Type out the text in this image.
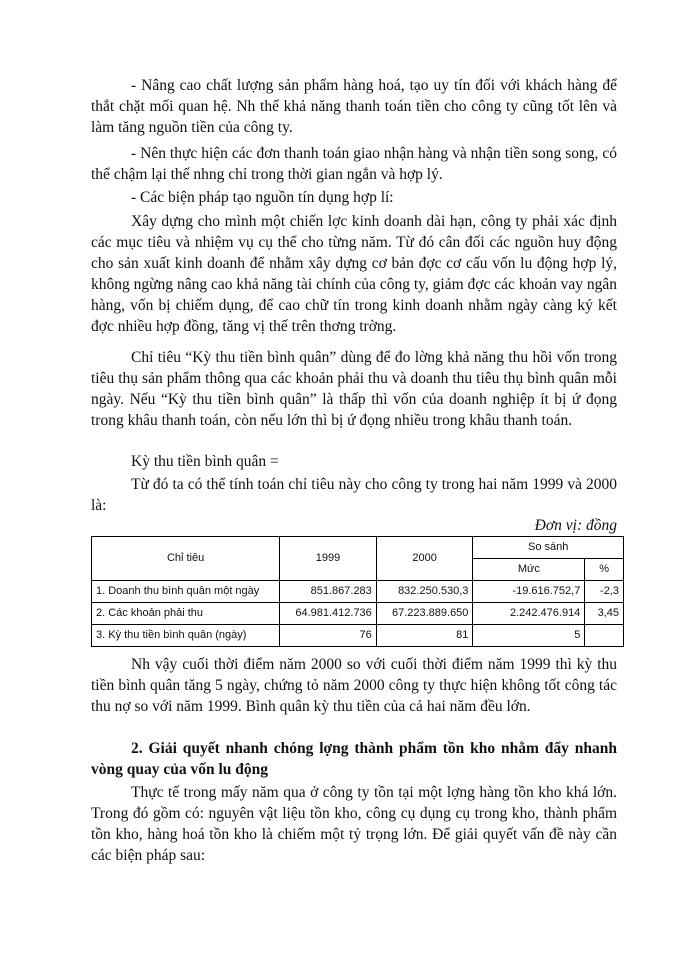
- Nâng cao chất lượng sản phẩm hàng hoá, tạo uy tín đối với khách hàng để thắt chặt mối quan hệ. Nh thế khả năng thanh toán tiền cho công ty cũng tốt lên và làm tăng nguồn tiền của công ty.

- Nên thực hiện các đơn thanh toán giao nhận hàng và nhận tiền song song, có thể chậm lại thế nhng chỉ trong thời gian ngắn và hợp lý.

- Các biện pháp tạo nguồn tín dụng hợp lí:

Xây dựng cho mình một chiến lợc kinh doanh dài hạn, công ty phải xác định các mục tiêu và nhiệm vụ cụ thể cho từng năm. Từ đó cân đối các nguồn huy động cho sản xuất kinh doanh để nhằm xây dựng cơ bản đợc cơ cấu vốn lu động hợp lý, không ngừng nâng cao khả năng tài chính của công ty, giảm đợc các khoản vay ngân hàng, vốn bị chiếm dụng, để cao chữ tín trong kinh doanh nhằm ngày càng ký kết đợc nhiều hợp đồng, tăng vị thế trên thơng trờng.

Chỉ tiêu “Kỳ thu tiền bình quân” dùng để đo lờng khả năng thu hồi vốn trong tiêu thụ sản phẩm thông qua các khoản phải thu và doanh thu tiêu thụ bình quân mỗi ngày. Nếu “Kỳ thu tiền bình quân” là thấp thì vốn của doanh nghiệp ít bị ứ đọng trong khâu thanh toán, còn nếu lớn thì bị ứ đọng nhiều trong khâu thanh toán.

Kỳ thu tiền bình quân =

Từ đó ta có thể tính toán chỉ tiêu này cho công ty trong hai năm 1999 và 2000 là:

Đơn vị: đồng
Chỉ tiêu	1999	2000	So sánh	
			Mức	%
1. Doanh thu bình quân một ngày	851.867.283	832.250.530,3	-19.616.752,7	-2,3
2. Các khoản phải thu	64.981.412.736	67.223.889.650	2.242.476.914	3,45
3. Kỳ thu tiền bình quân (ngày)	76	81	5	

Nh vậy cuối thời điểm năm 2000 so với cuối thời điểm năm 1999 thì kỳ thu tiền bình quân tăng 5 ngày, chứng tỏ năm 2000 công ty thực hiện không tốt công tác thu nợ so với năm 1999. Bình quân kỳ thu tiền của cả hai năm đều lớn.

2. Giải quyết nhanh chóng lợng thành phẩm tồn kho nhằm đẩy nhanh vòng quay của vốn lu động

Thực tế trong mấy năm qua ở công ty tồn tại một lợng hàng tồn kho khá lớn. Trong đó gồm có: nguyên vật liệu tồn kho, công cụ dụng cụ trong kho, thành phẩm tồn kho, hàng hoá tồn kho là chiếm một tỷ trọng lớn. Để giải quyết vấn đề này cần các biện pháp sau:
